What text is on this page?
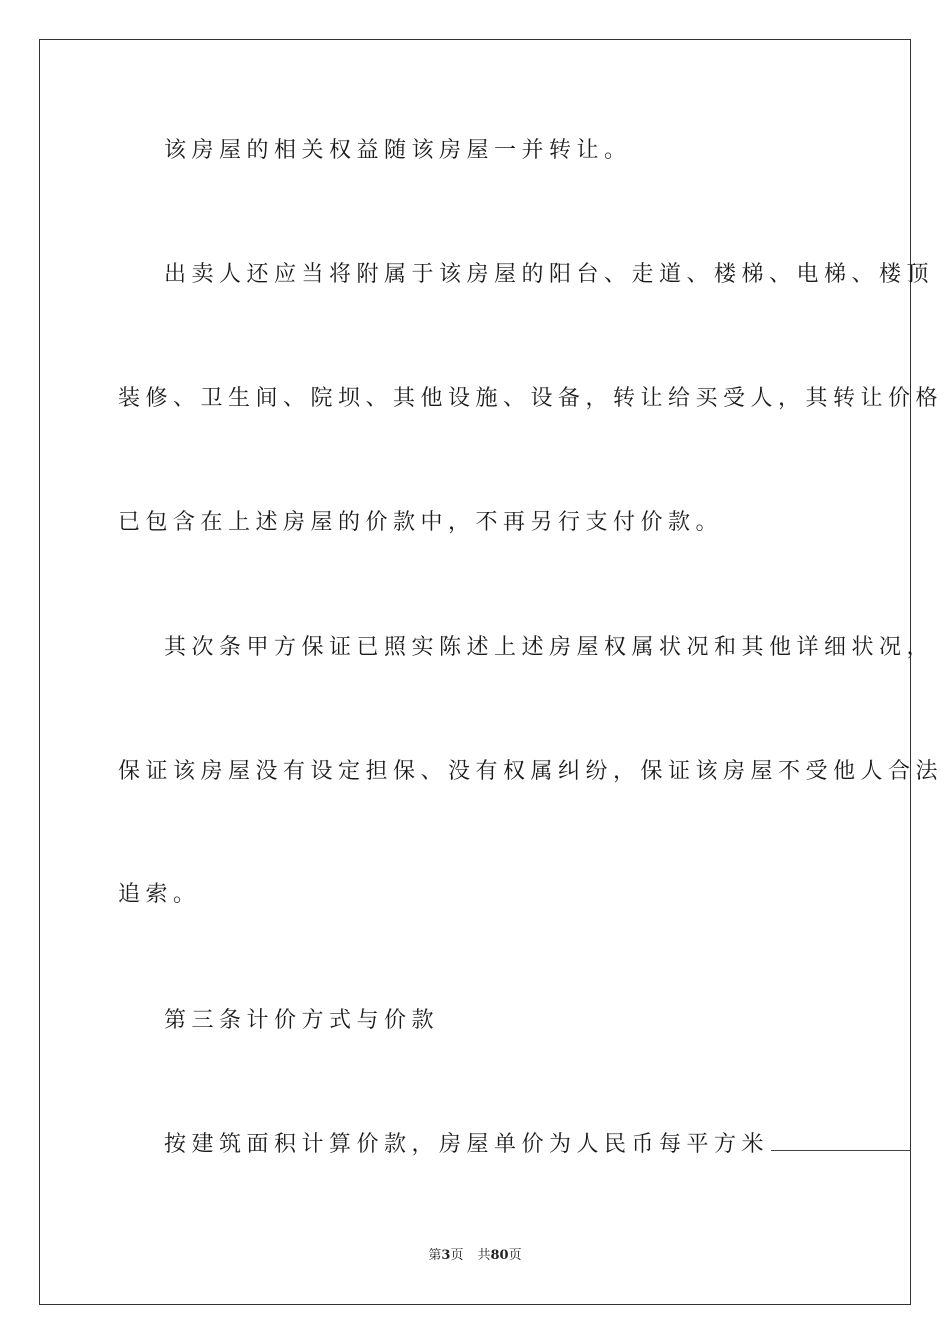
该房屋的相关权益随该房屋一并转让。
出卖人还应当将附属于该房屋的阳台、走道、楼梯、电梯、楼顶
装修、卫生间、院坝、其他设施、设备，转让给买受人，其转让价格
已包含在上述房屋的价款中，不再另行支付价款。
其次条甲方保证已照实陈述上述房屋权属状况和其他详细状况，
保证该房屋没有设定担保、没有权属纠纷，保证该房屋不受他人合法
追索。
第三条计价方式与价款
按建筑面积计算价款，房屋单价为人民币每平方米
第3页 共80页
